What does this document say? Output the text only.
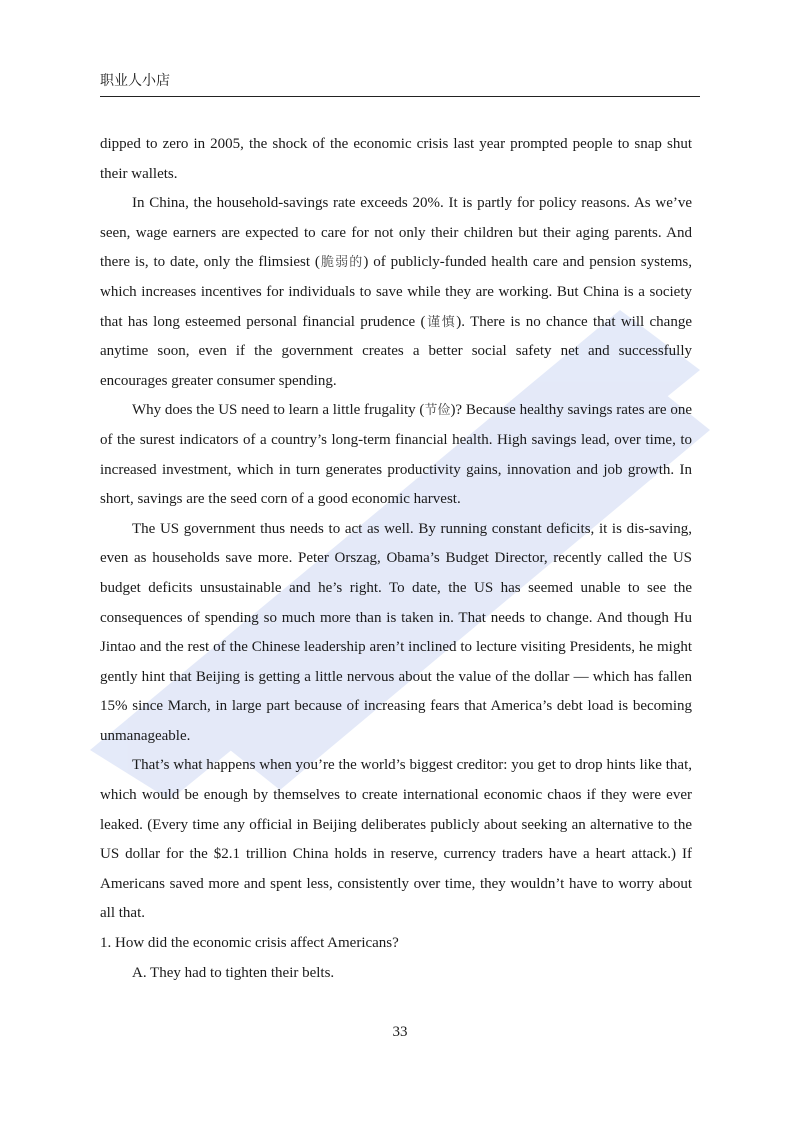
职业人小店

dipped to zero in 2005, the shock of the economic crisis last year prompted people to snap shut their wallets.

In China, the household-savings rate exceeds 20%. It is partly for policy reasons. As we’ve seen, wage earners are expected to care for not only their children but their aging parents. And there is, to date, only the flimsiest (脆弱的) of publicly-funded health care and pension systems, which increases incentives for individuals to save while they are working. But China is a society that has long esteemed personal financial prudence (谨慎). There is no chance that will change anytime soon, even if the government creates a better social safety net and successfully encourages greater consumer spending.

Why does the US need to learn a little frugality (节俭)? Because healthy savings rates are one of the surest indicators of a country’s long-term financial health. High savings lead, over time, to increased investment, which in turn generates productivity gains, innovation and job growth. In short, savings are the seed corn of a good economic harvest.

The US government thus needs to act as well. By running constant deficits, it is dis-saving, even as households save more. Peter Orszag, Obama’s Budget Director, recently called the US budget deficits unsustainable and he’s right. To date, the US has seemed unable to see the consequences of spending so much more than is taken in. That needs to change. And though Hu Jintao and the rest of the Chinese leadership aren’t inclined to lecture visiting Presidents, he might gently hint that Beijing is getting a little nervous about the value of the dollar — which has fallen 15% since March, in large part because of increasing fears that America’s debt load is becoming unmanageable.

That’s what happens when you’re the world’s biggest creditor: you get to drop hints like that, which would be enough by themselves to create international economic chaos if they were ever leaked. (Every time any official in Beijing deliberates publicly about seeking an alternative to the US dollar for the $2.1 trillion China holds in reserve, currency traders have a heart attack.) If Americans saved more and spent less, consistently over time, they wouldn’t have to worry about all that.

1. How did the economic crisis affect Americans?

A. They had to tighten their belts.

33
